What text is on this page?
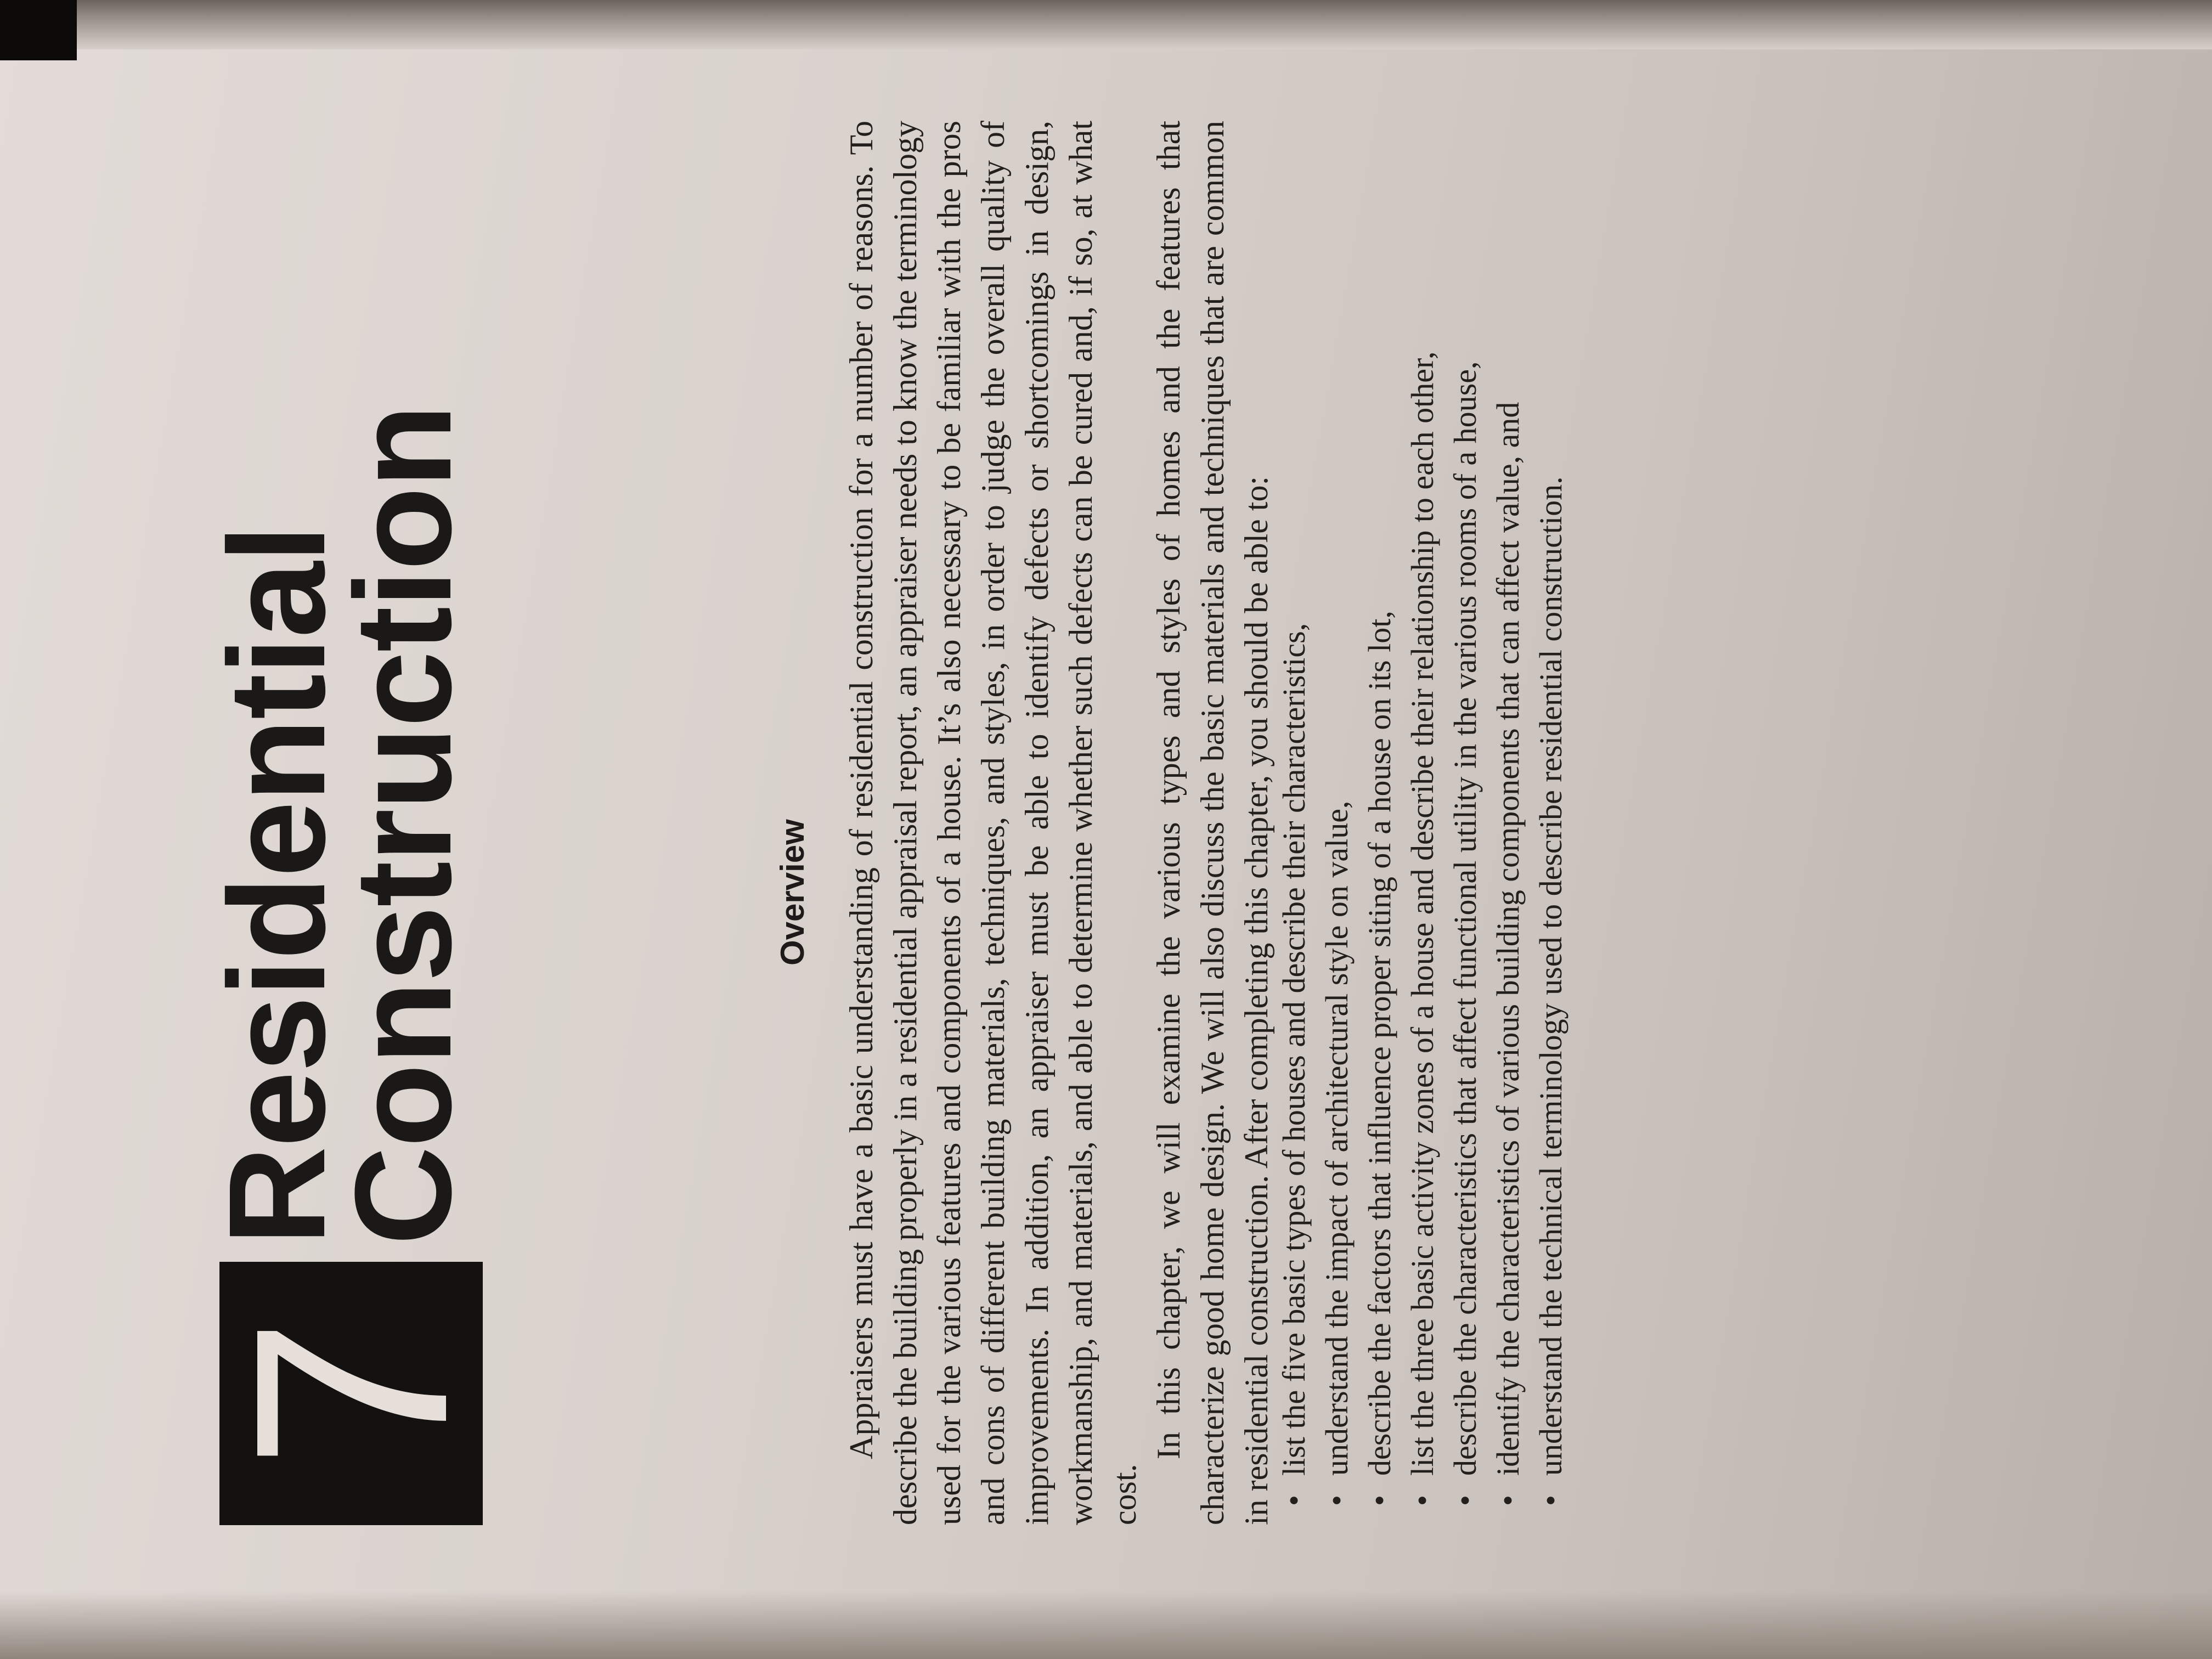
7
Residential
Construction	Overview Appraisers must have a basic understanding of residential construction for a number of reasons. To describe the building properly in a residential appraisal report, an appraiser needs to know the terminology used for the various features and components of a house. It’s also necessary to be familiar with the pros and cons of different building materials, techniques, and styles, in order to judge the overall quality of improvements. In addition, an appraiser must be able to identify defects or shortcomings in design, workmanship, and materials, and able to determine whether such defects can be cured and, if so, at what cost.

In this chapter, we will examine the various types and styles of homes and the features that characterize good home design. We will also discuss the basic materials and techniques that are common in residential construction. After completing this chapter, you should be able to: •
list the five basic types of houses and describe their characteristics,
•
understand the impact of architectural style on value,
•
describe the factors that influence proper siting of a house on its lot,
•
list the three basic activity zones of a house and describe their relationship to each other,
•
describe the characteristics that affect functional utility in the various rooms of a house,
•
identify the characteristics of various building components that can affect value, and
•
understand the technical terminology used to describe residential construction.
